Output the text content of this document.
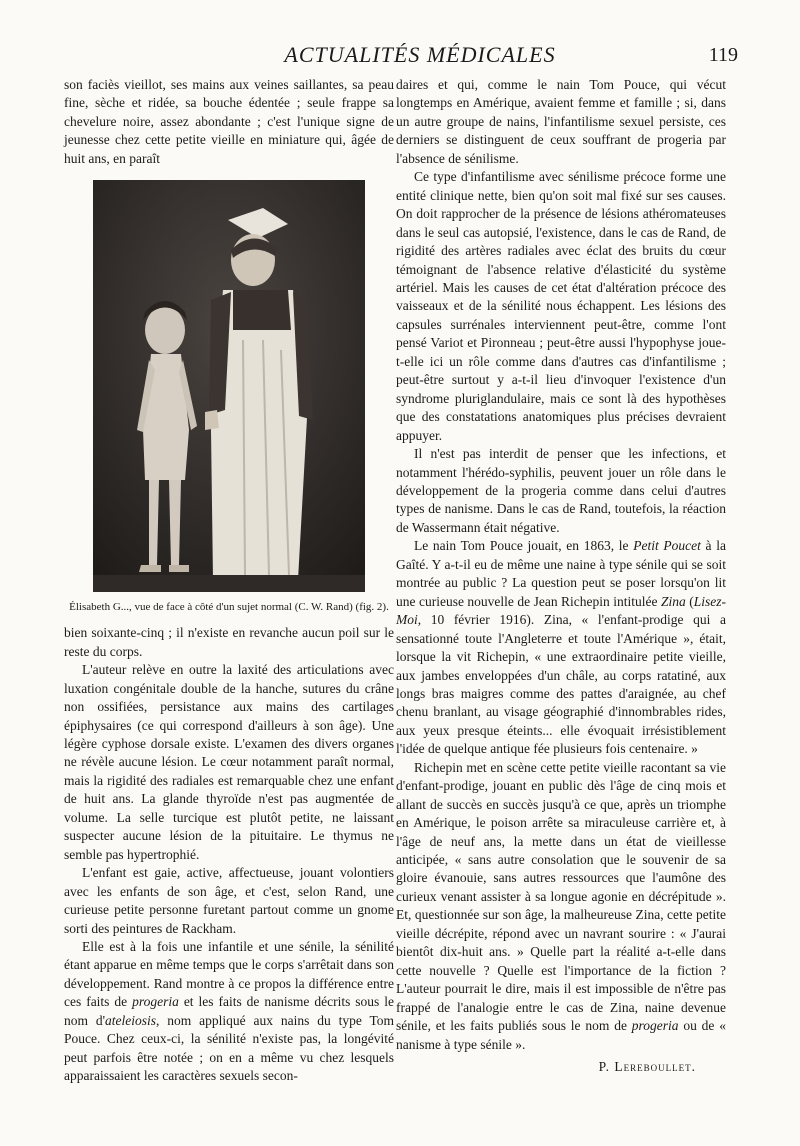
ACTUALITÉS MÉDICALES	119

son faciès vieillot, ses mains aux veines saillantes, sa peau fine, sèche et ridée, sa bouche édentée ; seule frappe sa chevelure noire, assez abondante ; c'est l'unique signe de jeunesse chez cette petite vieille en miniature qui, âgée de huit ans, en paraît

Élisabeth G..., vue de face à côté d'un sujet normal (C. W. Rand) (fig. 2).

bien soixante-cinq ; il n'existe en revanche aucun poil sur le reste du corps.

L'auteur relève en outre la laxité des articulations avec luxation congénitale double de la hanche, sutures du crâne non ossifiées, persistance aux mains des cartilages épiphysaires (ce qui correspond d'ailleurs à son âge). Une légère cyphose dorsale existe. L'examen des divers organes ne révèle aucune lésion. Le cœur notamment paraît normal, mais la rigidité des radiales est remarquable chez une enfant de huit ans. La glande thyroïde n'est pas augmentée de volume. La selle turcique est plutôt petite, ne laissant suspecter aucune lésion de la pituitaire. Le thymus ne semble pas hypertrophié.

L'enfant est gaie, active, affectueuse, jouant volontiers avec les enfants de son âge, et c'est, selon Rand, une curieuse petite personne furetant partout comme un gnome sorti des peintures de Rackham.

Elle est à la fois une infantile et une sénile, la sénilité étant apparue en même temps que le corps s'arrêtait dans son développement. Rand montre à ce propos la différence entre ces faits de progeria et les faits de nanisme décrits sous le nom d'ateleiosis, nom appliqué aux nains du type Tom Pouce. Chez ceux-ci, la sénilité n'existe pas, la longévité peut parfois être notée ; on en a même vu chez lesquels apparaissaient les caractères sexuels secon-

daires et qui, comme le nain Tom Pouce, qui vécut longtemps en Amérique, avaient femme et famille ; si, dans un autre groupe de nains, l'infantilisme sexuel persiste, ces derniers se distinguent de ceux souffrant de progeria par l'absence de sénilisme.

Ce type d'infantilisme avec sénilisme précoce forme une entité clinique nette, bien qu'on soit mal fixé sur ses causes. On doit rapprocher de la présence de lésions athéromateuses dans le seul cas autopsié, l'existence, dans le cas de Rand, de rigidité des artères radiales avec éclat des bruits du cœur témoignant de l'absence relative d'élasticité du système artériel. Mais les causes de cet état d'altération précoce des vaisseaux et de la sénilité nous échappent. Les lésions des capsules surrénales interviennent peut-être, comme l'ont pensé Variot et Pironneau ; peut-être aussi l'hypophyse joue-t-elle ici un rôle comme dans d'autres cas d'infantilisme ; peut-être surtout y a-t-il lieu d'invoquer l'existence d'un syndrome pluriglandulaire, mais ce sont là des hypothèses que des constatations anatomiques plus précises devraient appuyer.

Il n'est pas interdit de penser que les infections, et notamment l'hérédo-syphilis, peuvent jouer un rôle dans le développement de la progeria comme dans celui d'autres types de nanisme. Dans le cas de Rand, toutefois, la réaction de Wassermann était négative.

Le nain Tom Pouce jouait, en 1863, le Petit Poucet à la Gaîté. Y a-t-il eu de même une naine à type sénile qui se soit montrée au public ? La question peut se poser lorsqu'on lit une curieuse nouvelle de Jean Richepin intitulée Zina (Lisez-Moi, 10 février 1916). Zina, « l'enfant-prodige qui a sensationné toute l'Angleterre et toute l'Amérique », était, lorsque la vit Richepin, « une extraordinaire petite vieille, aux jambes enveloppées d'un châle, au corps ratatiné, aux longs bras maigres comme des pattes d'araignée, au chef chenu branlant, au visage géographié d'innombrables rides, aux yeux presque éteints... elle évoquait irrésistiblement l'idée de quelque antique fée plusieurs fois centenaire. »

Richepin met en scène cette petite vieille racontant sa vie d'enfant-prodige, jouant en public dès l'âge de cinq mois et allant de succès en succès jusqu'à ce que, après un triomphe en Amérique, le poison arrête sa miraculeuse carrière et, à l'âge de neuf ans, la mette dans un état de vieillesse anticipée, « sans autre consolation que le souvenir de sa gloire évanouie, sans autres ressources que l'aumône des curieux venant assister à sa longue agonie en décrépitude ». Et, questionnée sur son âge, la malheureuse Zina, cette petite vieille décrépite, répond avec un navrant sourire : « J'aurai bientôt dix-huit ans. » Quelle part la réalité a-t-elle dans cette nouvelle ? Quelle est l'importance de la fiction ? L'auteur pourrait le dire, mais il est impossible de n'être pas frappé de l'analogie entre le cas de Zina, naine devenue sénile, et les faits publiés sous le nom de progeria ou de « nanisme à type sénile ».

P. Lereboullet.
